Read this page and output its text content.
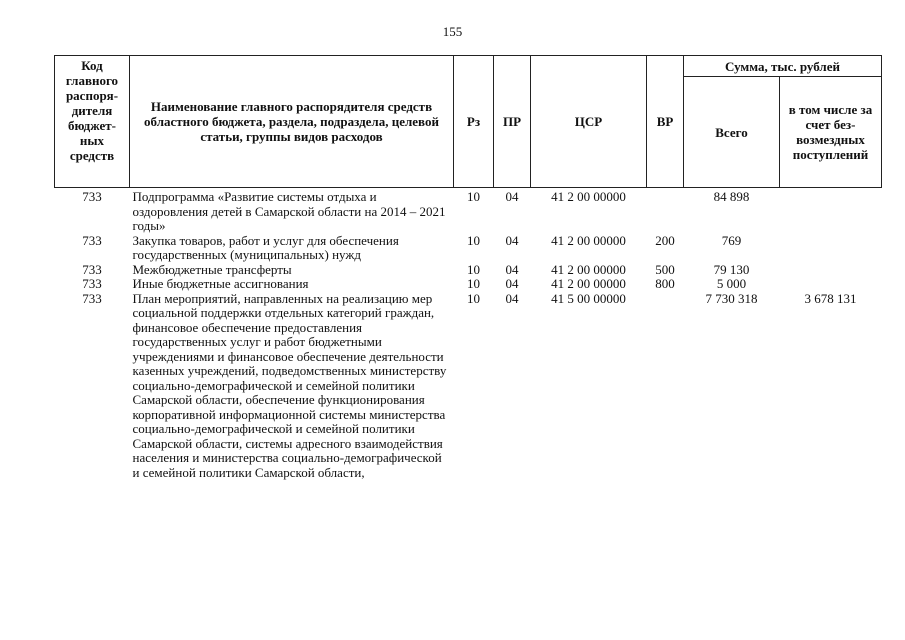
155
Код главного распоря-дителя бюджет-ных средств	Наименование главного распорядителя средств областного бюджета, раздела, подраздела, целевой статьи, группы видов расходов	Рз	ПР	ЦСР	ВР	Сумма, тыс. рублей	
						Всего	в том числе за счет без-возмездных поступлений
733	Подпрограмма «Развитие системы отдыха и оздоровления детей в Самарской области на 2014 – 2021 годы»	10	04	41 2 00 00000		84 898	
733	Закупка товаров, работ и услуг для обеспечения государственных (муниципальных) нужд	10	04	41 2 00 00000	200	769	
733	Межбюджетные трансферты	10	04	41 2 00 00000	500	79 130	
733	Иные бюджетные ассигнования	10	04	41 2 00 00000	800	5 000	
733	План мероприятий, направленных на реализацию мер социальной поддержки отдельных категорий граждан, финансовое обеспечение предоставления государственных услуг и работ бюджетными учреждениями и финансовое обеспечение деятельности казенных учреждений, подведомственных министерству социально-демографической и семейной политики Самарской области, обеспечение функционирования корпоративной информационной системы министерства социально-демографической и семейной политики Самарской области, системы адресного взаимодействия населения и министерства социально-демографической и семейной политики Самарской области,	10	04	41 5 00 00000		7 730 318	3 678 131
